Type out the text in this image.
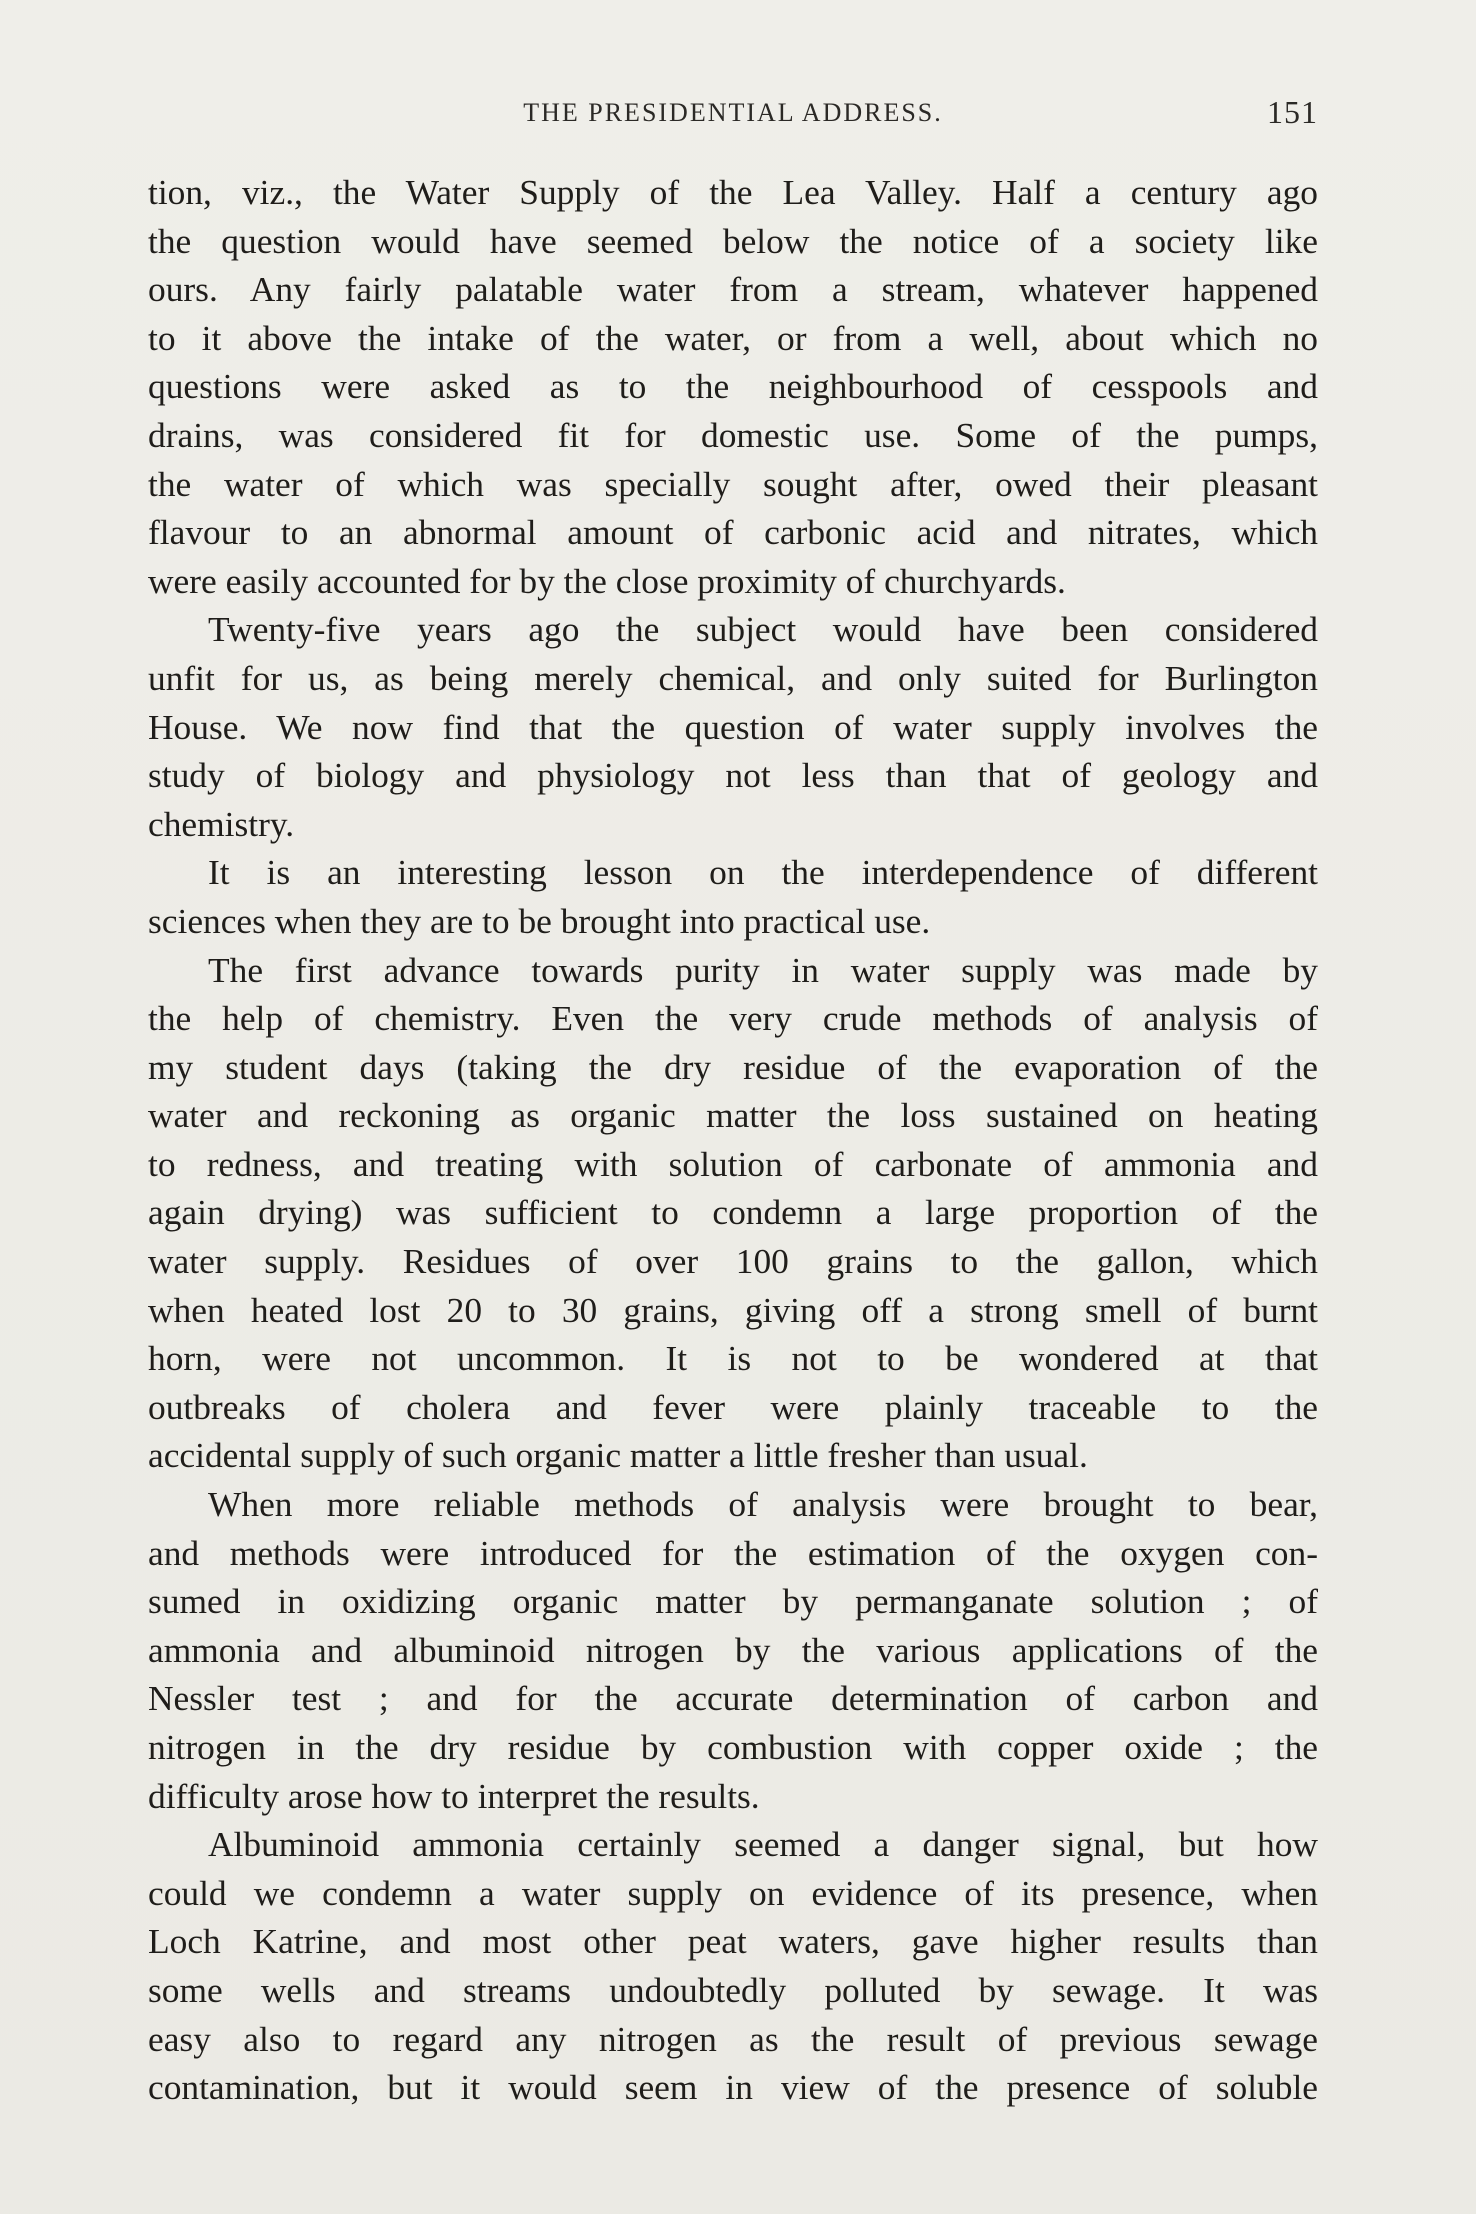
THE PRESIDENTIAL ADDRESS.	151
tion, viz., the Water Supply of the Lea Valley. Half a century ago
the question would have seemed below the notice of a society like
ours. Any fairly palatable water from a stream, whatever happened
to it above the intake of the water, or from a well, about which no
questions were asked as to the neighbourhood of cesspools and
drains, was considered fit for domestic use. Some of the pumps,
the water of which was specially sought after, owed their pleasant
flavour to an abnormal amount of carbonic acid and nitrates, which
were easily accounted for by the close proximity of churchyards.
Twenty-five years ago the subject would have been considered
unfit for us, as being merely chemical, and only suited for Burlington
House. We now find that the question of water supply involves the
study of biology and physiology not less than that of geology and
chemistry.
It is an interesting lesson on the interdependence of different
sciences when they are to be brought into practical use.
The first advance towards purity in water supply was made by
the help of chemistry. Even the very crude methods of analysis of
my student days (taking the dry residue of the evaporation of the
water and reckoning as organic matter the loss sustained on heating
to redness, and treating with solution of carbonate of ammonia and
again drying) was sufficient to condemn a large proportion of the
water supply. Residues of over 100 grains to the gallon, which
when heated lost 20 to 30 grains, giving off a strong smell of burnt
horn, were not uncommon. It is not to be wondered at that
outbreaks of cholera and fever were plainly traceable to the
accidental supply of such organic matter a little fresher than usual.
When more reliable methods of analysis were brought to bear,
and methods were introduced for the estimation of the oxygen con-
sumed in oxidizing organic matter by permanganate solution ; of
ammonia and albuminoid nitrogen by the various applications of the
Nessler test ; and for the accurate determination of carbon and
nitrogen in the dry residue by combustion with copper oxide ; the
difficulty arose how to interpret the results.
Albuminoid ammonia certainly seemed a danger signal, but how
could we condemn a water supply on evidence of its presence, when
Loch Katrine, and most other peat waters, gave higher results than
some wells and streams undoubtedly polluted by sewage. It was
easy also to regard any nitrogen as the result of previous sewage
contamination, but it would seem in view of the presence of soluble
